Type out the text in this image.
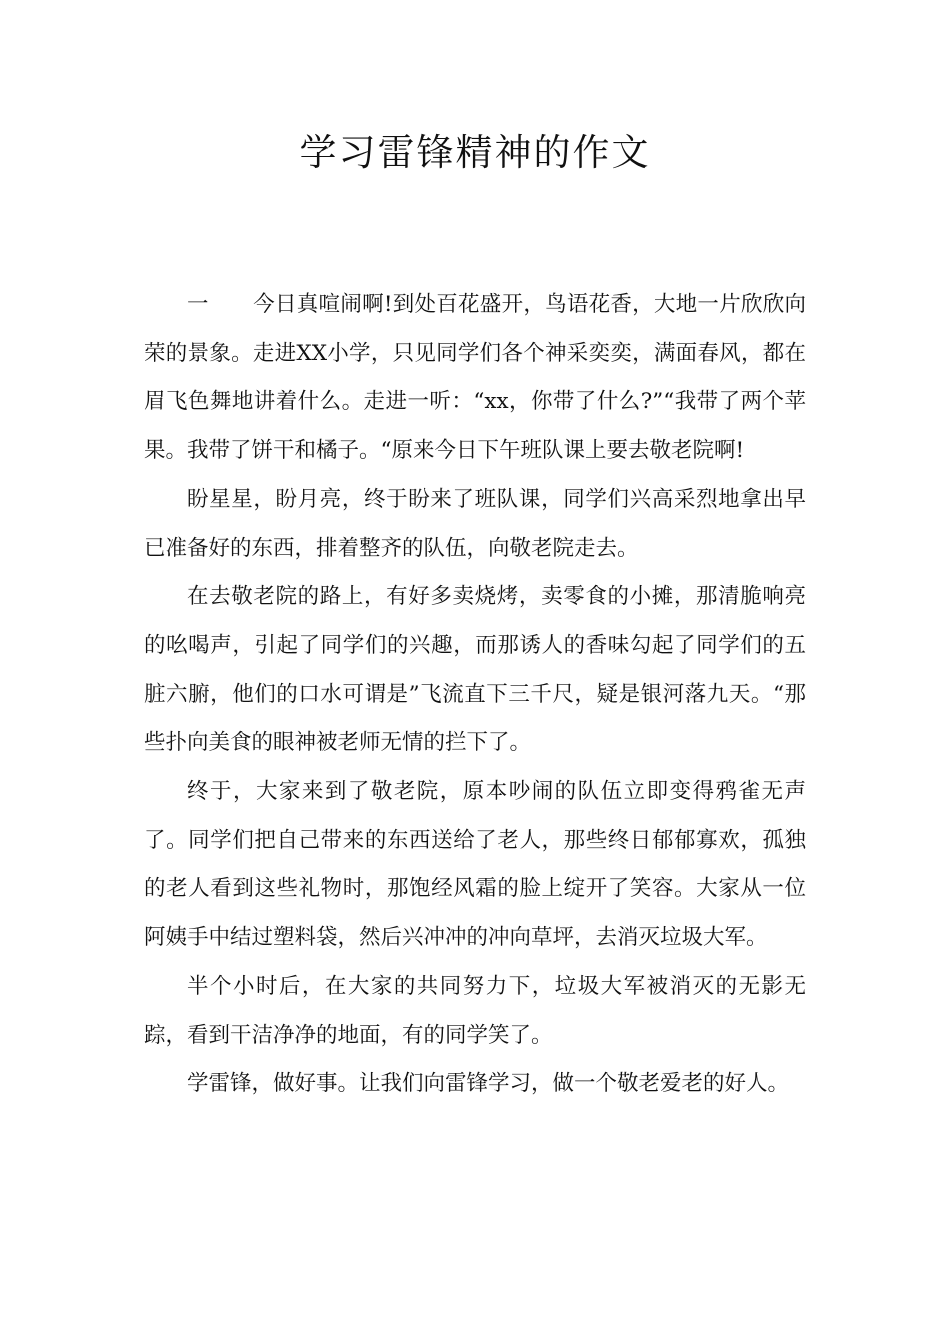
学习雷锋精神的作文

一 今日真喧闹啊!到处百花盛开，鸟语花香，大地一片欣欣向荣的景象。走进XX小学，只见同学们各个神采奕奕，满面春风，都在眉飞色舞地讲着什么。走进一听：“xx，你带了什么?”“我带了两个苹果。我带了饼干和橘子。“原来今日下午班队课上要去敬老院啊!

盼星星，盼月亮，终于盼来了班队课，同学们兴高采烈地拿出早已准备好的东西，排着整齐的队伍，向敬老院走去。

在去敬老院的路上，有好多卖烧烤，卖零食的小摊，那清脆响亮的吆喝声，引起了同学们的兴趣，而那诱人的香味勾起了同学们的五脏六腑，他们的口水可谓是”飞流直下三千尺，疑是银河落九天。“那些扑向美食的眼神被老师无情的拦下了。

终于，大家来到了敬老院，原本吵闹的队伍立即变得鸦雀无声了。同学们把自己带来的东西送给了老人，那些终日郁郁寡欢，孤独的老人看到这些礼物时，那饱经风霜的脸上绽开了笑容。大家从一位阿姨手中结过塑料袋，然后兴冲冲的冲向草坪，去消灭垃圾大军。

半个小时后，在大家的共同努力下，垃圾大军被消灭的无影无踪，看到干洁净净的地面，有的同学笑了。

学雷锋，做好事。让我们向雷锋学习，做一个敬老爱老的好人。
